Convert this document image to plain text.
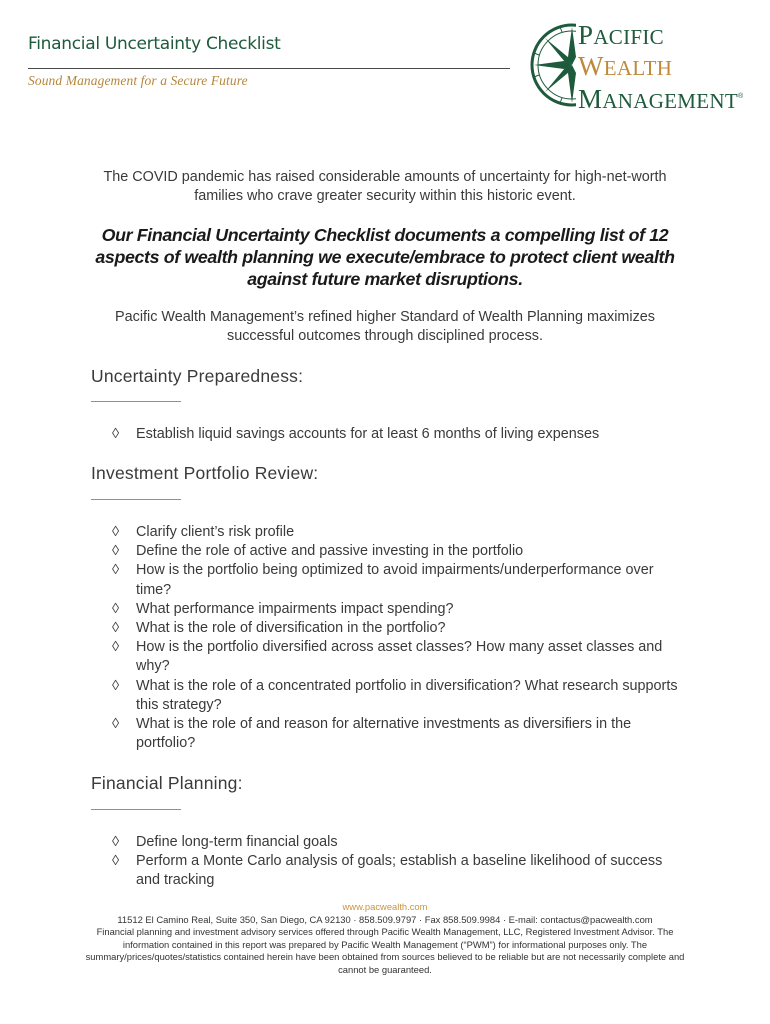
Financial Uncertainty Checklist
Sound Management for a Secure Future
PACIFIC
WEALTH
MANAGEMENT®
The COVID pandemic has raised considerable amounts of uncertainty for high-net-worth families who crave greater security within this historic event.
Our Financial Uncertainty Checklist documents a compelling list of 12 aspects of wealth planning we execute/embrace to protect client wealth against future market disruptions.
Pacific Wealth Management’s refined higher Standard of Wealth Planning maximizes successful outcomes through disciplined process.
Uncertainty Preparedness:
◊ Establish liquid savings accounts for at least 6 months of living expenses
Investment Portfolio Review:
◊ Clarify client’s risk profile
◊ Define the role of active and passive investing in the portfolio
◊ How is the portfolio being optimized to avoid impairments/underperformance over time?
◊ What performance impairments impact spending?
◊ What is the role of diversification in the portfolio?
◊ How is the portfolio diversified across asset classes? How many asset classes and why?
◊ What is the role of a concentrated portfolio in diversification? What research supports this strategy?
◊ What is the role of and reason for alternative investments as diversifiers in the portfolio?
Financial Planning:
◊ Define long-term financial goals
◊ Perform a Monte Carlo analysis of goals; establish a baseline likelihood of success and tracking
www.pacwealth.com
11512 El Camino Real, Suite 350, San Diego, CA 92130 · 858.509.9797 · Fax 858.509.9984 · E-mail: contactus@pacwealth.com
Financial planning and investment advisory services offered through Pacific Wealth Management, LLC, Registered Investment Advisor. The information contained in this report was prepared by Pacific Wealth Management (“PWM”) for informational purposes only. The summary/prices/quotes/statistics contained herein have been obtained from sources believed to be reliable but are not necessarily complete and cannot be guaranteed.
